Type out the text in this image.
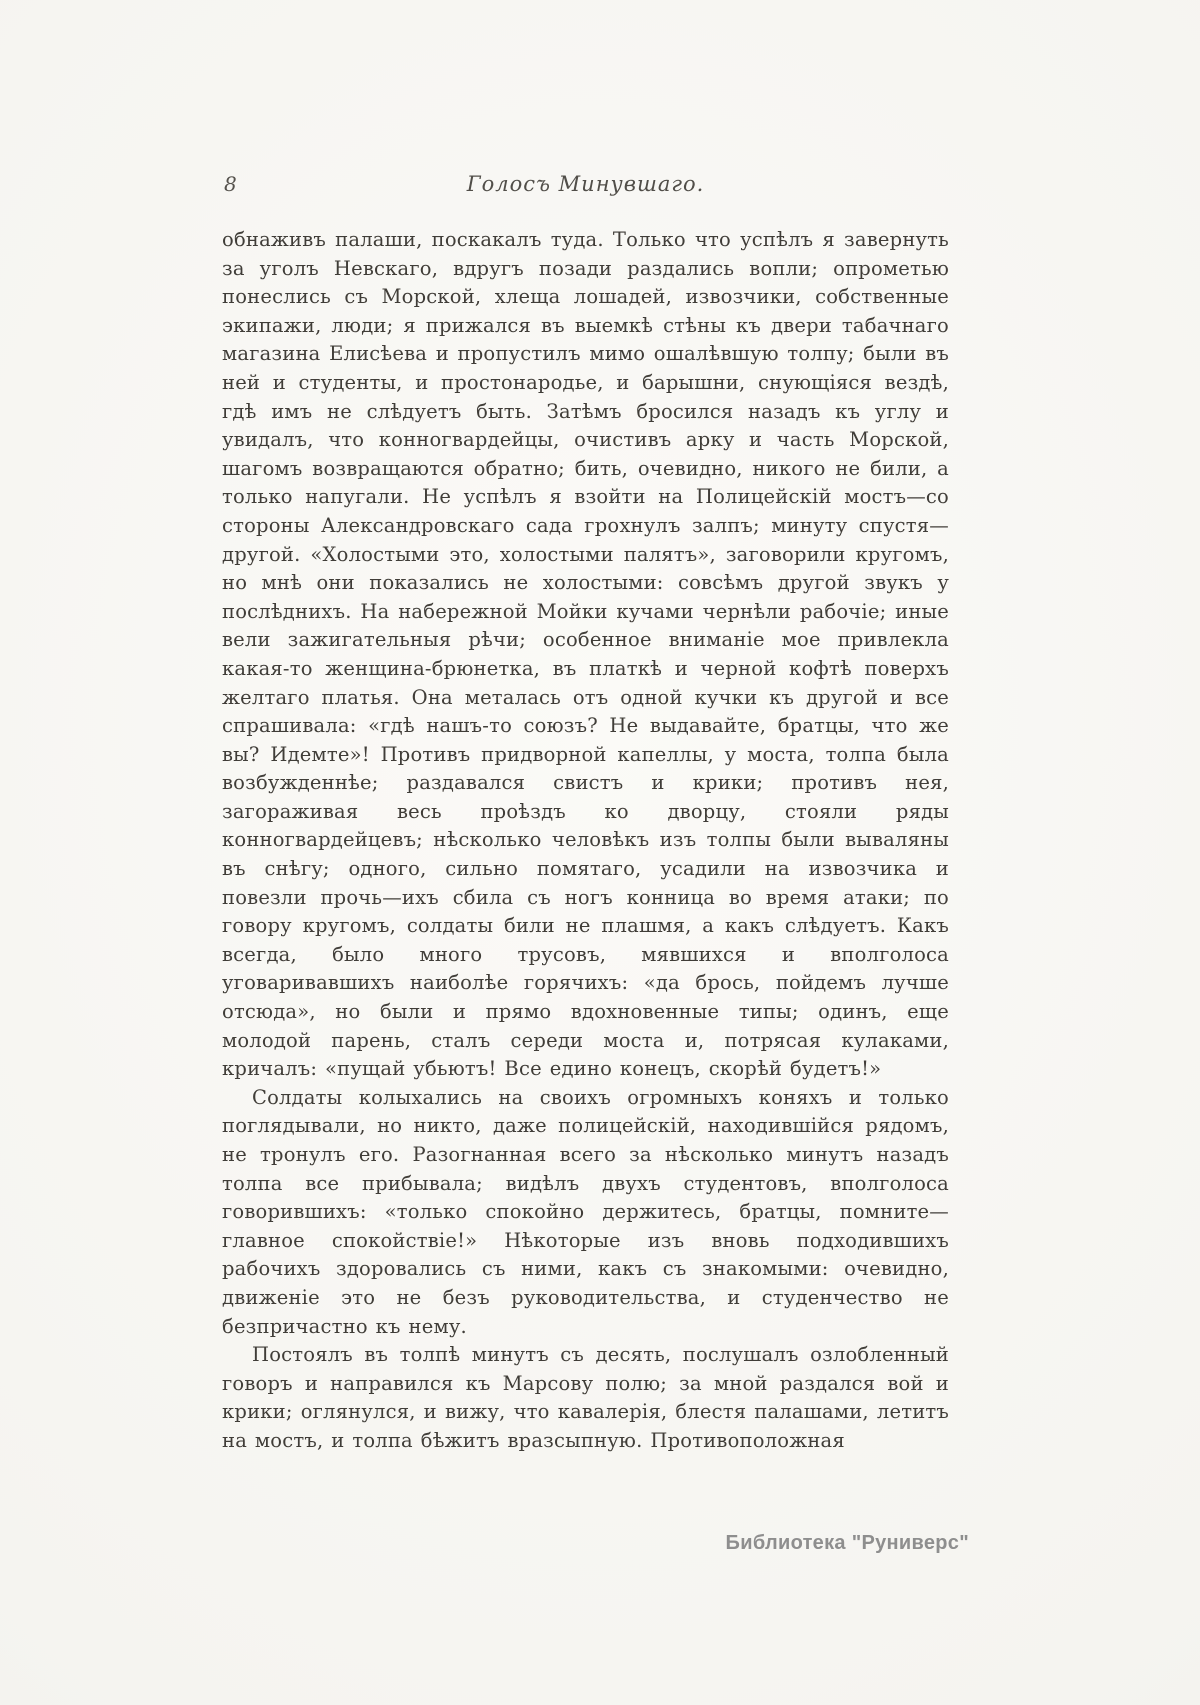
8	Голосъ Минувшаго.

обнаживъ палаши, поскакалъ туда. Только что успѣлъ я завернуть за уголъ Невскаго, вдругъ позади раздались вопли; опрометью понеслись съ Морской, хлеща лошадей, извозчики, собственные экипажи, люди; я прижался въ выемкѣ стѣны къ двери табачнаго магазина Елисѣева и пропустилъ мимо ошалѣвшую толпу; были въ ней и студенты, и простонародье, и барышни, снующіяся вездѣ, гдѣ имъ не слѣдуетъ быть. Затѣмъ бросился назадъ къ углу и увидалъ, что конногвардейцы, очистивъ арку и часть Морской, шагомъ возвращаются обратно; бить, очевидно, никого не били, а только напугали. Не успѣлъ я взойти на Полицейскій мостъ—со стороны Александровскаго сада грохнулъ залпъ; минуту спустя—другой. «Холостыми это, холостыми палятъ», заговорили кругомъ, но мнѣ они показались не холостыми: совсѣмъ другой звукъ у послѣднихъ. На набережной Мойки кучами чернѣли рабочіе; иные вели зажигательныя рѣчи; особенное вниманіе мое привлекла какая-то женщина-брюнетка, въ платкѣ и черной кофтѣ поверхъ желтаго платья. Она металась отъ одной кучки къ другой и все спрашивала: «гдѣ нашъ-то союзъ? Не выдавайте, братцы, что же вы? Идемте»! Противъ придворной капеллы, у моста, толпа была возбужденнѣе; раздавался свистъ и крики; противъ нея, загораживая весь проѣздъ ко дворцу, стояли ряды конногвардейцевъ; нѣсколько человѣкъ изъ толпы были вываляны въ снѣгу; одного, сильно помятаго, усадили на извозчика и повезли прочь—ихъ сбила съ ногъ конница во время атаки; по говору кругомъ, солдаты били не плашмя, а какъ слѣдуетъ. Какъ всегда, было много трусовъ, мявшихся и вполголоса уговаривавшихъ наиболѣе горячихъ: «да брось, пойдемъ лучше отсюда», но были и прямо вдохновенные типы; одинъ, еще молодой парень, сталъ середи моста и, потрясая кулаками, кричалъ: «пущай убьютъ! Все едино конецъ, скорѣй будетъ!»

Солдаты колыхались на своихъ огромныхъ коняхъ и только поглядывали, но никто, даже полицейскій, находившійся рядомъ, не тронулъ его. Разогнанная всего за нѣсколько минутъ назадъ толпа все прибывала; видѣлъ двухъ студентовъ, вполголоса говорившихъ: «только спокойно держитесь, братцы, помните— главное спокойствіе!» Нѣкоторые изъ вновь подходившихъ рабочихъ здоровались съ ними, какъ съ знакомыми: очевидно, движеніе это не безъ руководительства, и студенчество не безпричастно къ нему.

Постоялъ въ толпѣ минутъ съ десять, послушалъ озлобленный говоръ и направился къ Марсову полю; за мной раздался вой и крики; оглянулся, и вижу, что кавалерія, блестя палашами, летитъ на мостъ, и толпа бѣжитъ вразсыпную. Противоположная

Библиотека "Руниверс"
